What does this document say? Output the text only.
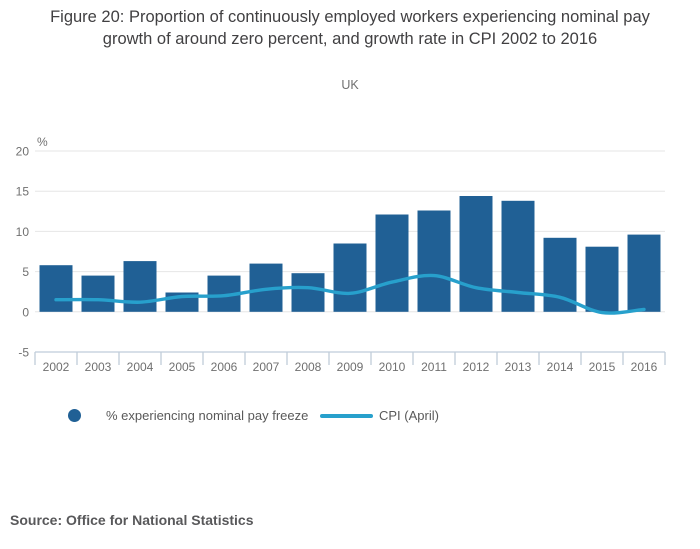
Figure 20: Proportion of continuously employed workers experiencing nominal pay growth of around zero percent, and growth rate in CPI 2002 to 2016
UK
-5
0
5
10
15
20
%
2002 2003 2004 2005 2006 2007 2008 2009 2010 2011 2012 2013 2014 2015 2016
% experiencing nominal pay freeze	CPI (April)
Source: Office for National Statistics
